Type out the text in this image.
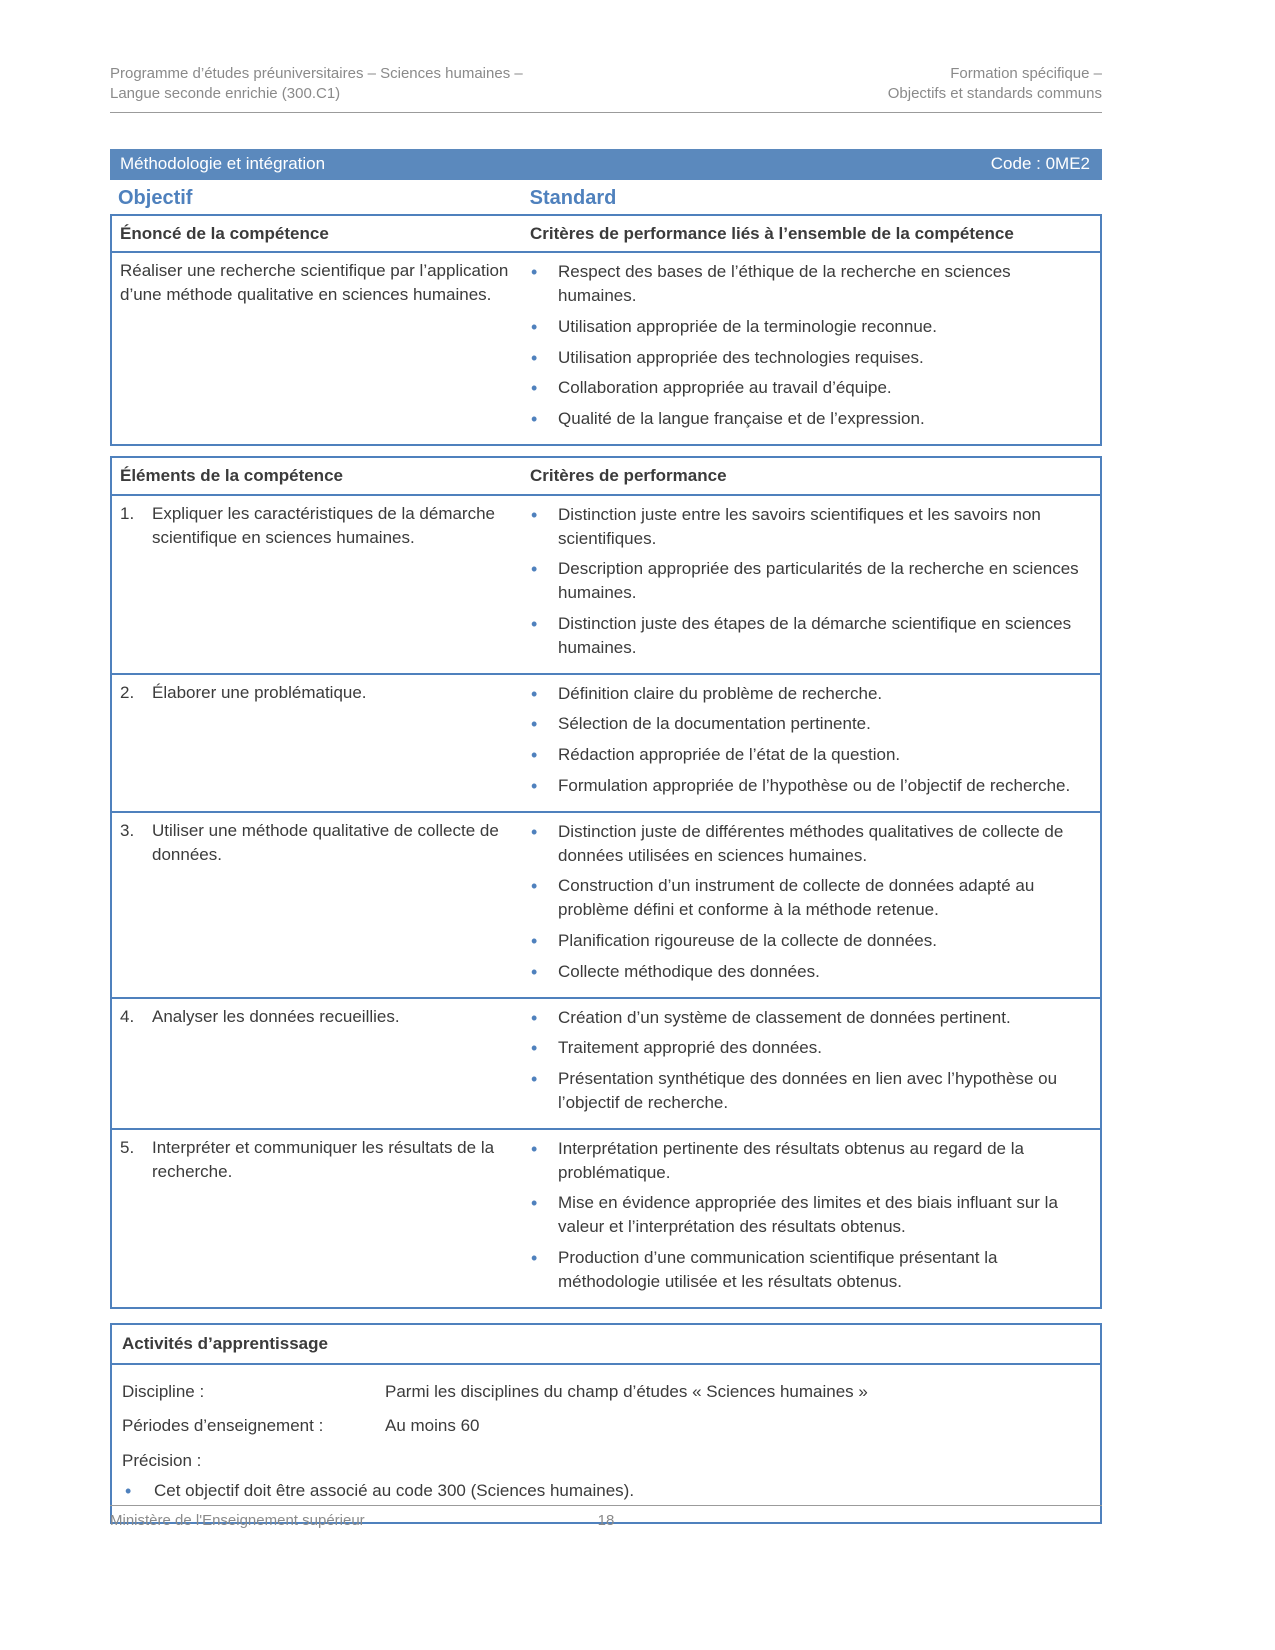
Programme d’études préuniversitaires – Sciences humaines –
Langue seconde enrichie (300.C1)
Formation spécifique –
Objectifs et standards communs
Méthodologie et intégration	Code : 0ME2
Objectif	Standard
Énoncé de la compétence	Critères de performance liés à l’ensemble de la compétence
Réaliser une recherche scientifique par l’application d’une méthode qualitative en sciences humaines.
• Respect des bases de l’éthique de la recherche en sciences humaines.
• Utilisation appropriée de la terminologie reconnue.
• Utilisation appropriée des technologies requises.
• Collaboration appropriée au travail d’équipe.
• Qualité de la langue française et de l’expression.
Éléments de la compétence	Critères de performance
1.	Expliquer les caractéristiques de la démarche scientifique en sciences humaines.
• Distinction juste entre les savoirs scientifiques et les savoirs non scientifiques.
• Description appropriée des particularités de la recherche en sciences humaines.
• Distinction juste des étapes de la démarche scientifique en sciences humaines.
2.	Élaborer une problématique.	• Définition claire du problème de recherche.
• Sélection de la documentation pertinente.
• Rédaction appropriée de l’état de la question.
• Formulation appropriée de l’hypothèse ou de l’objectif de recherche.
3.	Utiliser une méthode qualitative de collecte de données.
• Distinction juste de différentes méthodes qualitatives de collecte de données utilisées en sciences humaines.
• Construction d’un instrument de collecte de données adapté au problème défini et conforme à la méthode retenue.
• Planification rigoureuse de la collecte de données.
• Collecte méthodique des données.
4.	Analyser les données recueillies.	• Création d’un système de classement de données pertinent.
• Traitement approprié des données.
• Présentation synthétique des données en lien avec l’hypothèse ou l’objectif de recherche.
5.	Interpréter et communiquer les résultats de la recherche.
• Interprétation pertinente des résultats obtenus au regard de la problématique.
• Mise en évidence appropriée des limites et des biais influant sur la valeur et l’interprétation des résultats obtenus.
• Production d’une communication scientifique présentant la méthodologie utilisée et les résultats obtenus.
Activités d’apprentissage
Discipline :	Parmi les disciplines du champ d’études « Sciences humaines »
Périodes d’enseignement :	Au moins 60
Précision :
• Cet objectif doit être associé au code 300 (Sciences humaines).
Ministère de l'Enseignement supérieur	18
